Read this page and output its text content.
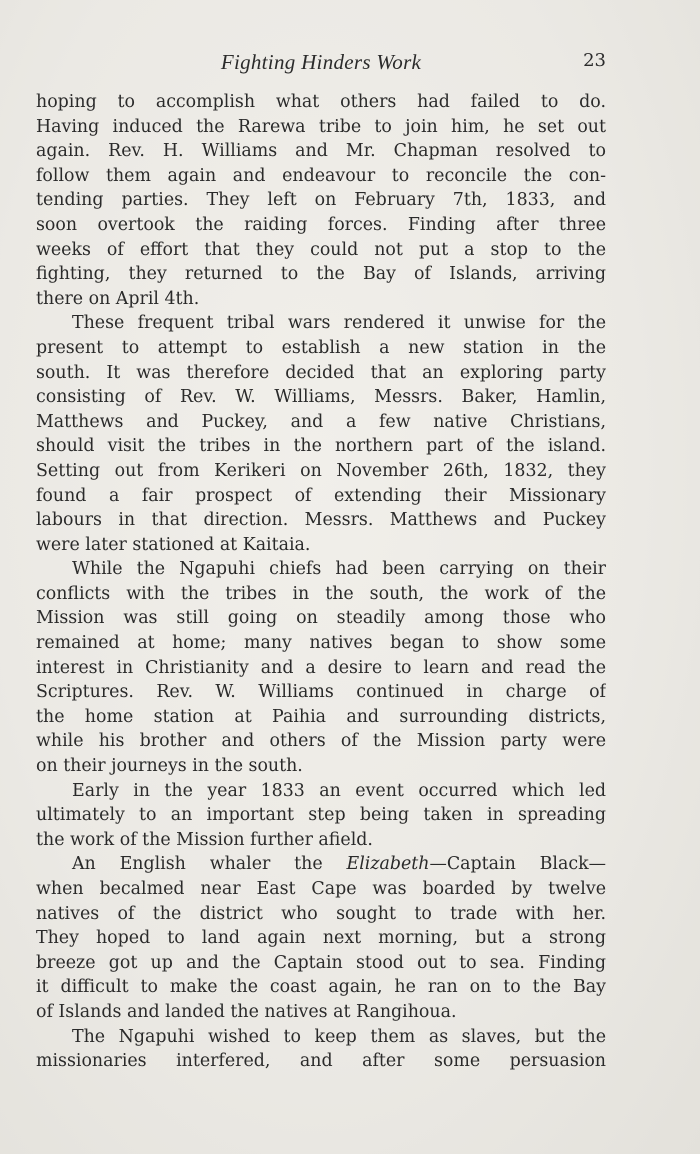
Fighting Hinders Work	23
hoping to accomplish what others had failed to do.
Having induced the Rarewa tribe to join him, he set out
again. Rev. H. Williams and Mr. Chapman resolved to
follow them again and endeavour to reconcile the con-
tending parties. They left on February 7th, 1833, and
soon overtook the raiding forces. Finding after three
weeks of effort that they could not put a stop to the
fighting, they returned to the Bay of Islands, arriving
there on April 4th.
These frequent tribal wars rendered it unwise for the
present to attempt to establish a new station in the
south. It was therefore decided that an exploring party
consisting of Rev. W. Williams, Messrs. Baker, Hamlin,
Matthews and Puckey, and a few native Christians,
should visit the tribes in the northern part of the island.
Setting out from Kerikeri on November 26th, 1832, they
found a fair prospect of extending their Missionary
labours in that direction. Messrs. Matthews and Puckey
were later stationed at Kaitaia.
While the Ngapuhi chiefs had been carrying on their
conflicts with the tribes in the south, the work of the
Mission was still going on steadily among those who
remained at home; many natives began to show some
interest in Christianity and a desire to learn and read the
Scriptures. Rev. W. Williams continued in charge of
the home station at Paihia and surrounding districts,
while his brother and others of the Mission party were
on their journeys in the south.
Early in the year 1833 an event occurred which led
ultimately to an important step being taken in spreading
the work of the Mission further afield.
An English whaler the Elizabeth—Captain Black—
when becalmed near East Cape was boarded by twelve
natives of the district who sought to trade with her.
They hoped to land again next morning, but a strong
breeze got up and the Captain stood out to sea. Finding
it difficult to make the coast again, he ran on to the Bay
of Islands and landed the natives at Rangihoua.
The Ngapuhi wished to keep them as slaves, but the
missionaries interfered, and after some persuasion
